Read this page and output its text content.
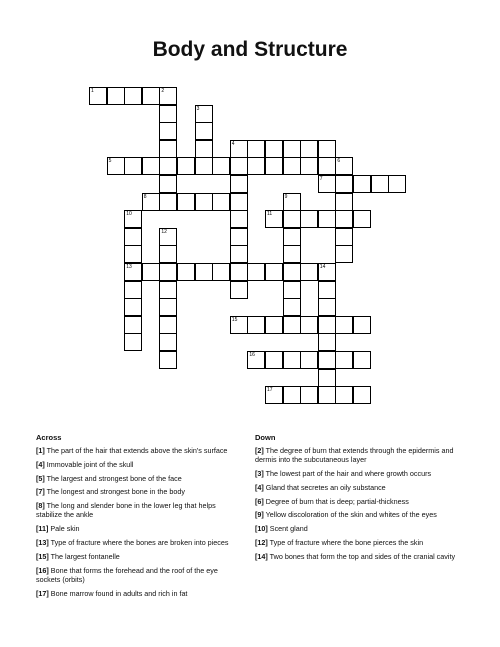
Body and Structure
1	2
3
4
5	6
7
8	9
10
13
11
12
14
15
16
17
Across	Down
[1] The part of the hair that extends above the skin's surface
[4] Immovable joint of the skull
[5] The largest and strongest bone of the face
[7] The longest and strongest bone in the body
[8] The long and slender bone in the lower leg that helps stabilize the ankle
[11] Pale skin
[13] Type of fracture where the bones are broken into pieces
[15] The largest fontanelle
[16] Bone that forms the forehead and the roof of the eye sockets (orbits)
[17] Bone marrow found in adults and rich in fat
[2] The degree of burn that extends through the epidermis and dermis into the subcutaneous layer
[3] The lowest part of the hair and where growth occurs
[4] Gland that secretes an oily substance
[6] Degree of burn that is deep; partial-thickness
[9] Yellow discoloration of the skin and whites of the eyes
[10] Scent gland
[12] Type of fracture where the bone pierces the skin
[14] Two bones that form the top and sides of the cranial cavity
